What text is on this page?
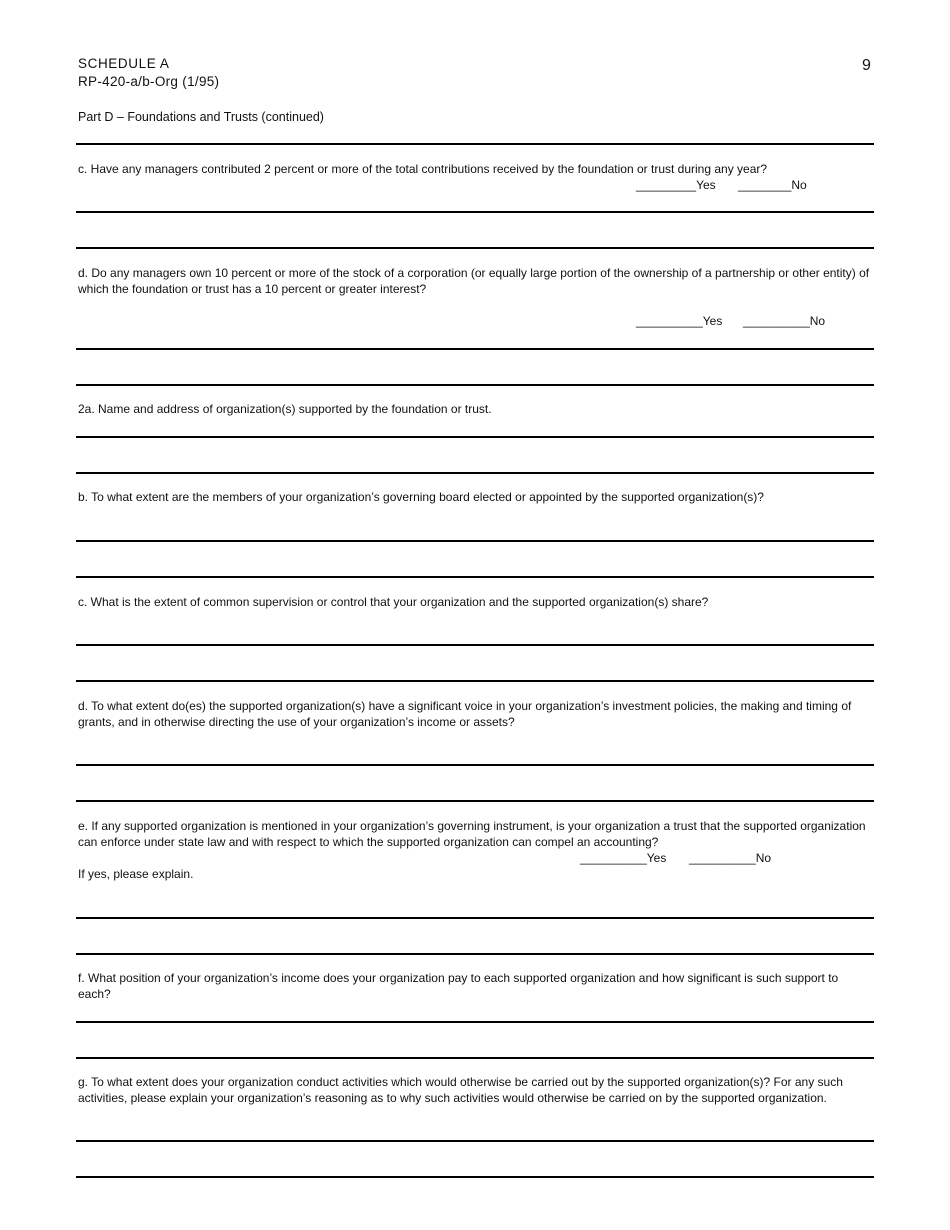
SCHEDULE A
RP-420-a/b-Org (1/95)
9
Part D – Foundations and Trusts (continued)
c. Have any managers contributed 2 percent or more of the total contributions received by the foundation or trust during any year?
_________Yes ________No
d. Do any managers own 10 percent or more of the stock of a corporation (or equally large portion of the ownership of a partnership or other entity) of which the foundation or trust has a 10 percent or greater interest?
__________Yes __________No
2a. Name and address of organization(s) supported by the foundation or trust.
b. To what extent are the members of your organization’s governing board elected or appointed by the supported organization(s)?
c. What is the extent of common supervision or control that your organization and the supported organization(s) share?
d. To what extent do(es) the supported organization(s) have a significant voice in your organization’s investment policies, the making and timing of grants, and in otherwise directing the use of your organization’s income or assets?
e. If any supported organization is mentioned in your organization’s governing instrument, is your organization a trust that the supported organization can enforce under state law and with respect to which the supported organization can compel an accounting?
__________Yes __________No
If yes, please explain.
f. What position of your organization’s income does your organization pay to each supported organization and how significant is such support to each?
g. To what extent does your organization conduct activities which would otherwise be carried out by the supported organization(s)? For any such activities, please explain your organization’s reasoning as to why such activities would otherwise be carried on by the supported organization.
